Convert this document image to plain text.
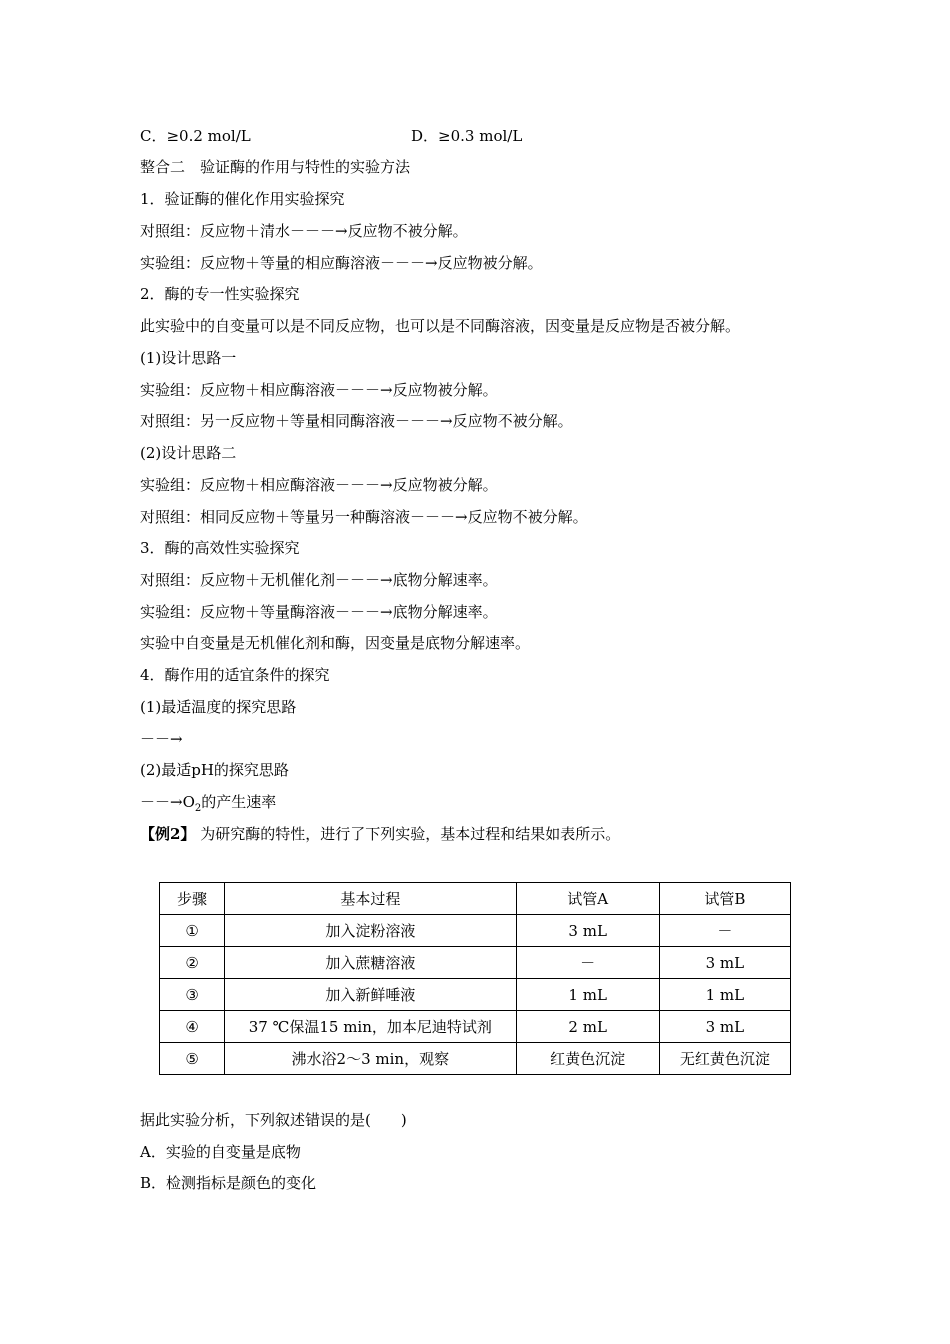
C．≥0.2 mol/L	D．≥0.3 mol/L
整合二　验证酶的作用与特性的实验方法
1．验证酶的催化作用实验探究
对照组：反应物＋清水－－－→反应物不被分解。
实验组：反应物＋等量的相应酶溶液－－－→反应物被分解。
2．酶的专一性实验探究
此实验中的自变量可以是不同反应物，也可以是不同酶溶液，因变量是反应物是否被分解。
(1)设计思路一
实验组：反应物＋相应酶溶液－－－→反应物被分解。
对照组：另一反应物＋等量相同酶溶液－－－→反应物不被分解。
(2)设计思路二
实验组：反应物＋相应酶溶液－－－→反应物被分解。
对照组：相同反应物＋等量另一种酶溶液－－－→反应物不被分解。
3．酶的高效性实验探究
对照组：反应物＋无机催化剂－－－→底物分解速率。
实验组：反应物＋等量酶溶液－－－→底物分解速率。
实验中自变量是无机催化剂和酶，因变量是底物分解速率。
4．酶作用的适宜条件的探究
(1)最适温度的探究思路
－－→
(2)最适pH的探究思路
$--\to O_2$的产生速率
【例2】 为研究酶的特性，进行了下列实验，基本过程和结果如表所示。
步骤	基本过程	试管A	试管B
①	加入淀粉溶液	3 mL	－
②	加入蔗糖溶液	－	3 mL
③	加入新鲜唾液	1 mL	1 mL
④	37 ℃保温15 min，加本尼迪特试剂	2 mL	3 mL
⑤	沸水浴2～3 min，观察	红黄色沉淀	无红黄色沉淀
据此实验分析，下列叙述错误的是(　　)
A．实验的自变量是底物
B．检测指标是颜色的变化
